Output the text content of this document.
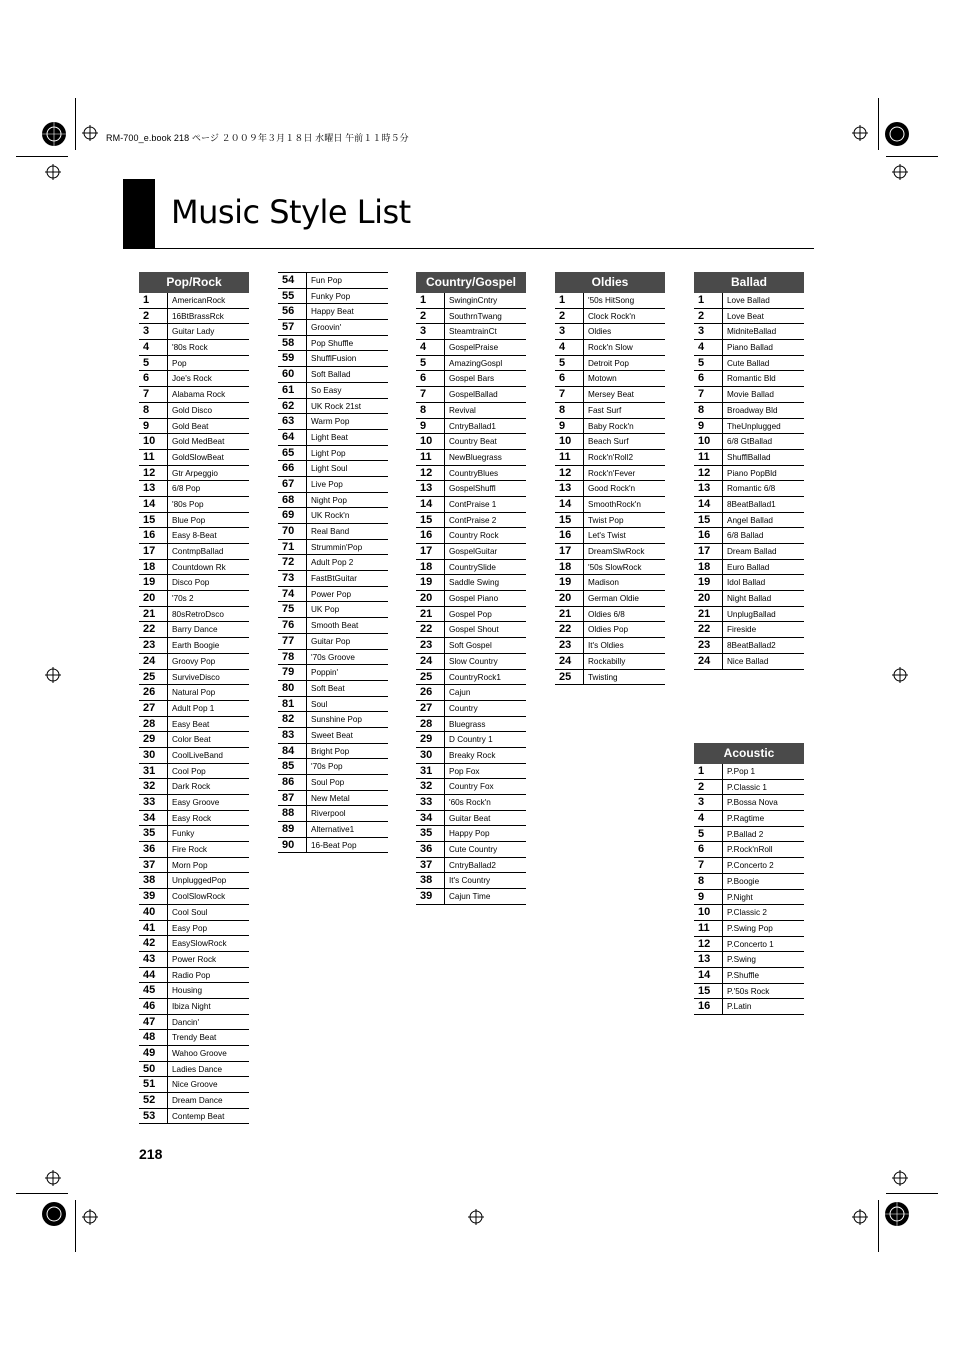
RM-700_e.book 218 ページ ２００９年３月１８日 水曜日 午前１１時５分
Music Style List
Pop/Rock
1	AmericanRock
2	16BtBrassRck
3	Guitar Lady
4	'80s Rock
5	Pop
6	Joe's Rock
7	Alabama Rock
8	Gold Disco
9	Gold Beat
10	Gold MedBeat
11	GoldSlowBeat
12	Gtr Arpeggio
13	6/8 Pop
14	'80s Pop
15	Blue Pop
16	Easy 8-Beat
17	ContmpBallad
18	Countdown Rk
19	Disco Pop
20	'70s 2
21	80sRetroDsco
22	Barry Dance
23	Earth Boogie
24	Groovy Pop
25	SurviveDisco
26	Natural Pop
27	Adult Pop 1
28	Easy Beat
29	Color Beat
30	CoolLiveBand
31	Cool Pop
32	Dark Rock
33	Easy Groove
34	Easy Rock
35	Funky
36	Fire Rock
37	Morn Pop
38	UnpluggedPop
39	CoolSlowRock
40	Cool Soul
41	Easy Pop
42	EasySlowRock
43	Power Rock
44	Radio Pop
45	Housing
46	Ibiza Night
47	Dancin'
48	Trendy Beat
49	Wahoo Groove
50	Ladies Dance
51	Nice Groove
52	Dream Dance
53	Contemp Beat
54	Fun Pop
55	Funky Pop
56	Happy Beat
57	Groovin'
58	Pop Shuffle
59	ShufflFusion
60	Soft Ballad
61	So Easy
62	UK Rock 21st
63	Warm Pop
64	Light Beat
65	Light Pop
66	Light Soul
67	Live Pop
68	Night Pop
69	UK Rock'n
70	Real Band
71	Strummin'Pop
72	Adult Pop 2
73	FastBtGuitar
74	Power Pop
75	UK Pop
76	Smooth Beat
77	Guitar Pop
78	'70s Groove
79	Poppin'
80	Soft Beat
81	Soul
82	Sunshine Pop
83	Sweet Beat
84	Bright Pop
85	'70s Pop
86	Soul Pop
87	New Metal
88	Riverpool
89	Alternative1
90	16-Beat Pop
Country/Gospel
1	SwinginCntry
2	SouthrnTwang
3	SteamtrainCt
4	GospelPraise
5	AmazingGospl
6	Gospel Bars
7	GospelBallad
8	Revival
9	CntryBallad1
10	Country Beat
11	NewBluegrass
12	CountryBlues
13	GospelShuffl
14	ContPraise 1
15	ContPraise 2
16	Country Rock
17	GospelGuitar
18	CountrySlide
19	Saddle Swing
20	Gospel Piano
21	Gospel Pop
22	Gospel Shout
23	Soft Gospel
24	Slow Country
25	CountryRock1
26	Cajun
27	Country
28	Bluegrass
29	D Country 1
30	Breaky Rock
31	Pop Fox
32	Country Fox
33	'60s Rock'n
34	Guitar Beat
35	Happy Pop
36	Cute Country
37	CntryBallad2
38	It's Country
39	Cajun Time
Oldies
1	'50s HitSong
2	Clock Rock'n
3	Oldies
4	Rock'n Slow
5	Detroit Pop
6	Motown
7	Mersey Beat
8	Fast Surf
9	Baby Rock'n
10	Beach Surf
11	Rock'n'Roll2
12	Rock'n'Fever
13	Good Rock'n
14	SmoothRock'n
15	Twist Pop
16	Let's Twist
17	DreamSlwRock
18	'50s SlowRock
19	Madison
20	German Oldie
21	Oldies 6/8
22	Oldies Pop
23	It's Oldies
24	Rockabilly
25	Twisting
Ballad
1	Love Ballad
2	Love Beat
3	MidniteBallad
4	Piano Ballad
5	Cute Ballad
6	Romantic Bld
7	Movie Ballad
8	Broadway Bld
9	TheUnplugged
10	6/8 GtBallad
11	ShufflBallad
12	Piano PopBld
13	Romantic 6/8
14	8BeatBallad1
15	Angel Ballad
16	6/8 Ballad
17	Dream Ballad
18	Euro Ballad
19	Idol Ballad
20	Night Ballad
21	UnplugBallad
22	Fireside
23	8BeatBallad2
24	Nice Ballad
Acoustic
1	P.Pop 1
2	P.Classic 1
3	P.Bossa Nova
4	P.Ragtime
5	P.Ballad 2
6	P.Rock'nRoll
7	P.Concerto 2
8	P.Boogie
9	P.Night
10	P.Classic 2
11	P.Swing Pop
12	P.Concerto 1
13	P.Swing
14	P.Shuffle
15	P.'50s Rock
16	P.Latin
218
